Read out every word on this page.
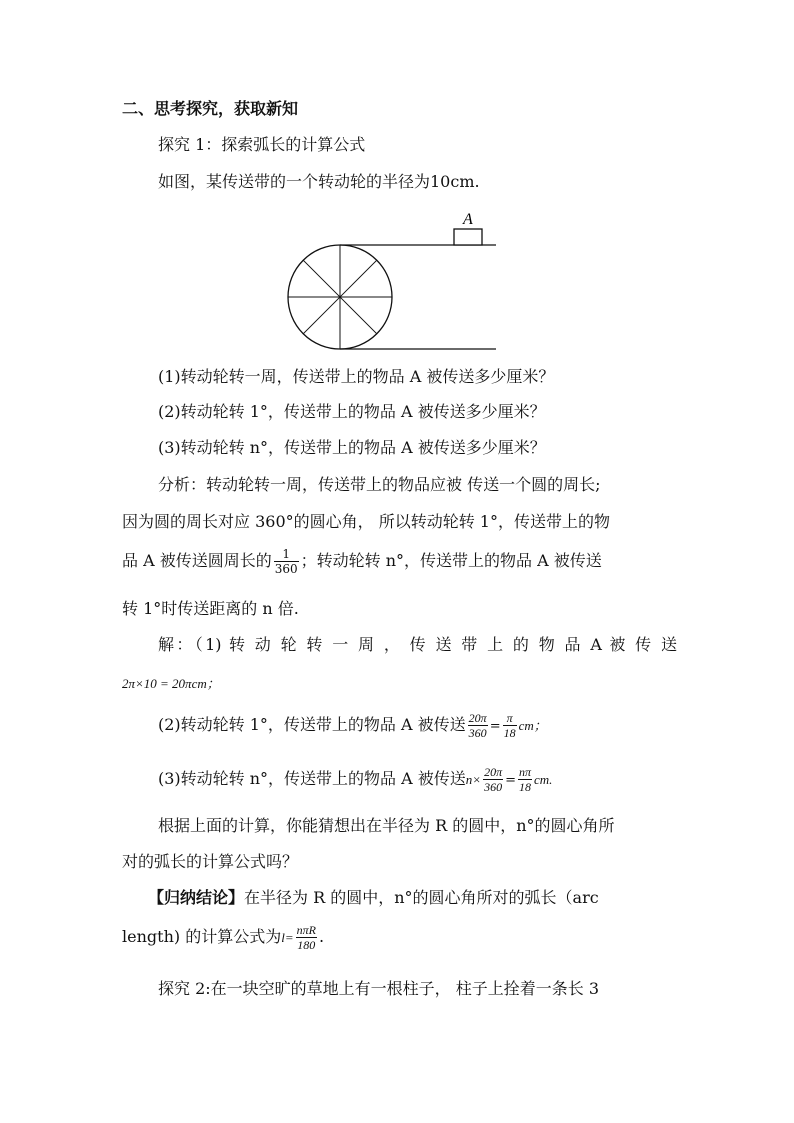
二、思考探究，获取新知
探究 1：探索弧长的计算公式
如图，某传送带的一个转动轮的半径为10cm.
A
(1)转动轮转一周，传送带上的物品 A 被传送多少厘米？
(2)转动轮转 1°，传送带上的物品 A 被传送多少厘米？
(3)转动轮转 n°，传送带上的物品 A 被传送多少厘米？
分析：转动轮转一周，传送带上的物品应被 传送一个圆的周长;
因为圆的周长对应 360°的圆心角， 所以转动轮转 1°，传送带上的物
品 A 被传送圆周长的 $\frac{1}{360}$ ；转动轮转 n°，传送带上的物品 A 被传送
转 1°时传送距离的 n 倍.
解：（1) 转 动 轮 转 一 周 ， 传 送 带 上 的 物 品 A 被 传 送
2π×10 = 20πcm；
(2)转动轮转 1°，传送带上的物品 A 被传送 $\frac{20\pi}{360} = \frac{\pi}{18}$ cm；
(3)转动轮转 n°，传送带上的物品 A 被传送$n\times \frac{20\pi}{360} = \frac{n\pi}{18}$ cm.
根据上面的计算，你能猜想出在半径为 R 的圆中，n°的圆心角所
对的弧长的计算公式吗？
【归纳结论】在半径为 R 的圆中，n°的圆心角所对的弧长（arc
length) 的计算公式为$l= \frac{\text{nπR}}{180}$ .
探究 2:在一块空旷的草地上有一根柱子， 柱子上拴着一条长 3
